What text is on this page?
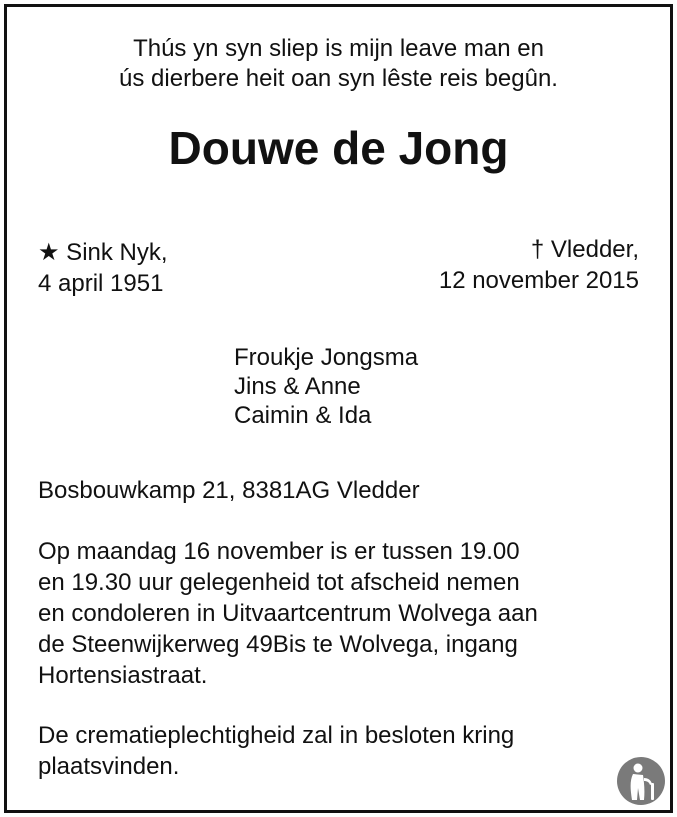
Thús yn syn sliep is mijn leave man en
ús dierbere heit oan syn lêste reis begûn.
Douwe de Jong
★ Sink Nyk,
4 april 1951
† Vledder,
12 november 2015
Froukje Jongsma
Jins & Anne
Caimin & Ida
Bosbouwkamp 21, 8381AG Vledder
Op maandag 16 november is er tussen 19.00
en 19.30 uur gelegenheid tot afscheid nemen
en condoleren in Uitvaartcentrum Wolvega aan
de Steenwijkerweg 49Bis te Wolvega, ingang
Hortensiastraat.
De crematieplechtigheid zal in besloten kring
plaatsvinden.
